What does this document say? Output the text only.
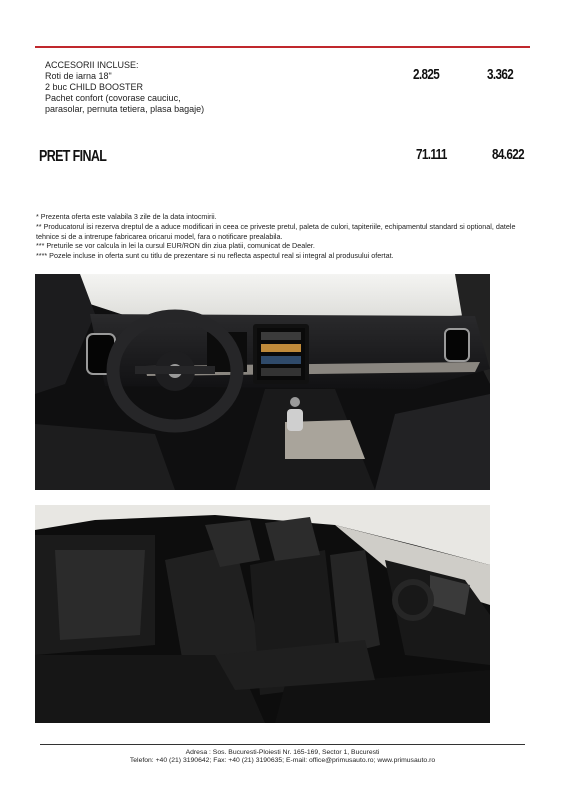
ACCESORII INCLUSE:
Roti de iarna 18"
2 buc CHILD BOOSTER
Pachet confort (covorase cauciuc,
parasolar, pernuta tetiera, plasa bagaje)
2.825	3.362
PRET FINAL	71.111	84.622
* Prezenta oferta este valabila 3 zile de la data intocmirii.
** Producatorul isi rezerva dreptul de a aduce modificari in ceea ce priveste pretul, paleta de culori, tapiteriile, echipamentul standard si optional, datele tehnice si de a intrerupe fabricarea oricarui model, fara o notificare prealabila.
*** Preturile se vor calcula in lei la cursul EUR/RON din ziua platii, comunicat de Dealer.
**** Pozele incluse in oferta sunt cu titlu de prezentare si nu reflecta aspectul real si integral al produsului ofertat.
Adresa : Sos. Bucuresti-Ploiesti Nr. 165-169, Sector 1, Bucuresti
Telefon: +40 (21) 3190642; Fax: +40 (21) 3190635; E-mail: office@primusauto.ro; www.primusauto.ro
